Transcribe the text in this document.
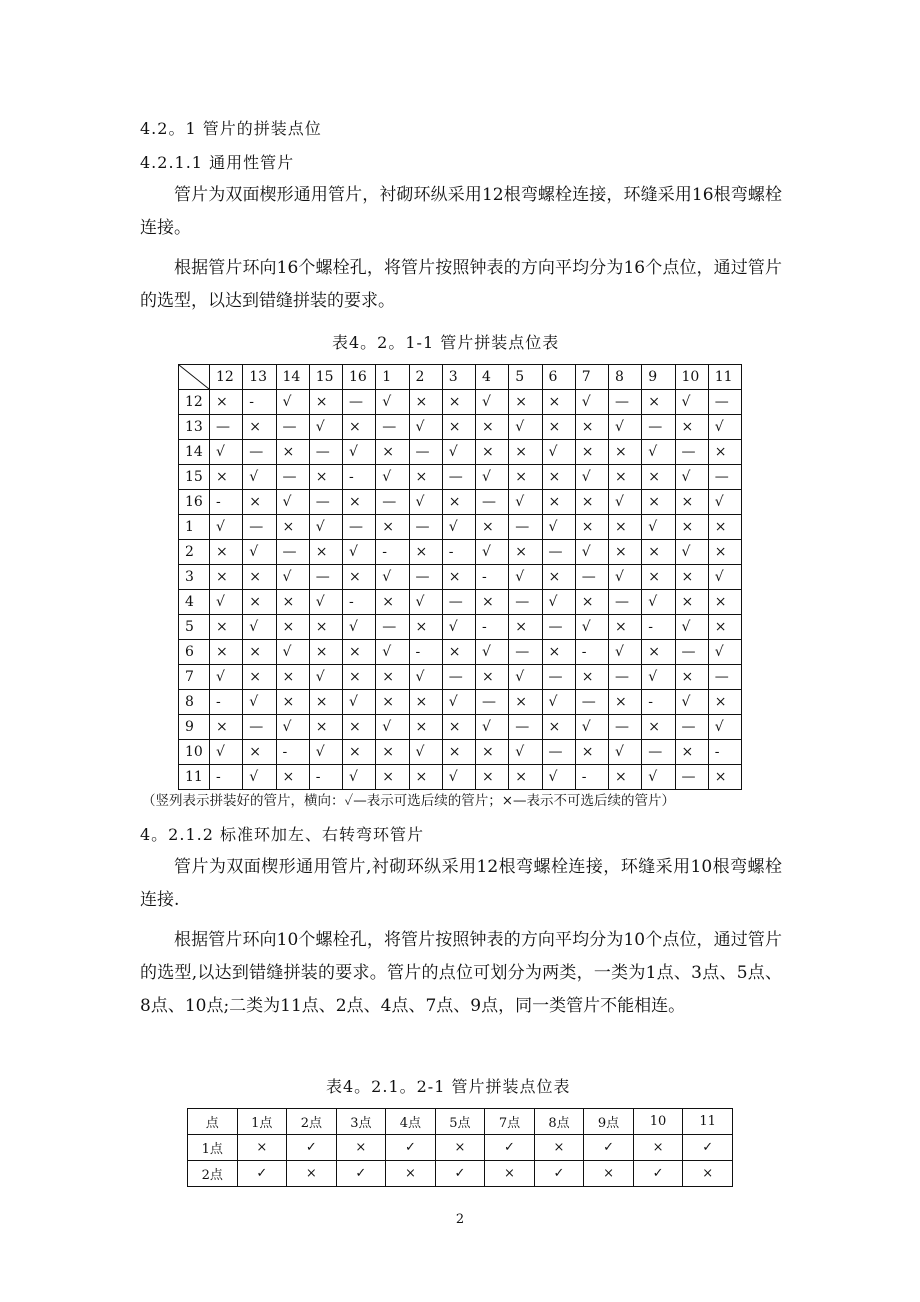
4.2。1 管片的拼装点位
4.2.1.1 通用性管片

管片为双面楔形通用管片，衬砌环纵采用12根弯螺栓连接，环缝采用16根弯螺栓连接。

根据管片环向16个螺栓孔，将管片按照钟表的方向平均分为16个点位，通过管片的选型，以达到错缝拼装的要求。

表4。2。1-1 管片拼装点位表
	12	13	14	15	16	1	2	3	4	5	6	7	8	9	10	11
12	×	-	√	×	—	√	×	×	√	×	×	√	—	×	√	—
13	—	×	—	√	×	—	√	×	×	√	×	×	√	—	×	√
14	√	—	×	—	√	×	—	√	×	×	√	×	×	√	—	×
15	×	√	—	×	-	√	×	—	√	×	×	√	×	×	√	—
16	-	×	√	—	×	—	√	×	—	√	×	×	√	×	×	√
1	√	—	×	√	—	×	—	√	×	—	√	×	×	√	×	×
2	×	√	—	×	√	-	×	-	√	×	—	√	×	×	√	×
3	×	×	√	—	×	√	—	×	-	√	×	—	√	×	×	√
4	√	×	×	√	-	×	√	—	×	—	√	×	—	√	×	×
5	×	√	×	×	√	—	×	√	-	×	—	√	×	-	√	×
6	×	×	√	×	×	√	-	×	√	—	×	-	√	×	—	√
7	√	×	×	√	×	×	√	—	×	√	—	×	—	√	×	—
8	-	√	×	×	√	×	×	√	—	×	√	—	×	-	√	×
9	×	—	√	×	×	√	×	×	√	—	×	√	—	×	—	√
10	√	×	-	√	×	×	√	×	×	√	—	×	√	—	×	-
11	-	√	×	-	√	×	×	√	×	×	√	-	×	√	—	×
（竖列表示拼装好的管片，横向：✓—表示可选后续的管片；×—表示不可选后续的管片）
4。2.1.2 标准环加左、右转弯环管片

管片为双面楔形通用管片,衬砌环纵采用12根弯螺栓连接，环缝采用10根弯螺栓连接.

根据管片环向10个螺栓孔，将管片按照钟表的方向平均分为10个点位，通过管片的选型,以达到错缝拼装的要求。管片的点位可划分为两类，一类为1点、3点、5点、8点、10点;二类为11点、2点、4点、7点、9点，同一类管片不能相连。

表4。2.1。2-1 管片拼装点位表
点	1点	2点	3点	4点	5点	7点	8点	9点	10	11
1点	×	✓	×	✓	×	✓	×	✓	×	✓
2点	✓	×	✓	×	✓	×	✓	×	✓	×
2
